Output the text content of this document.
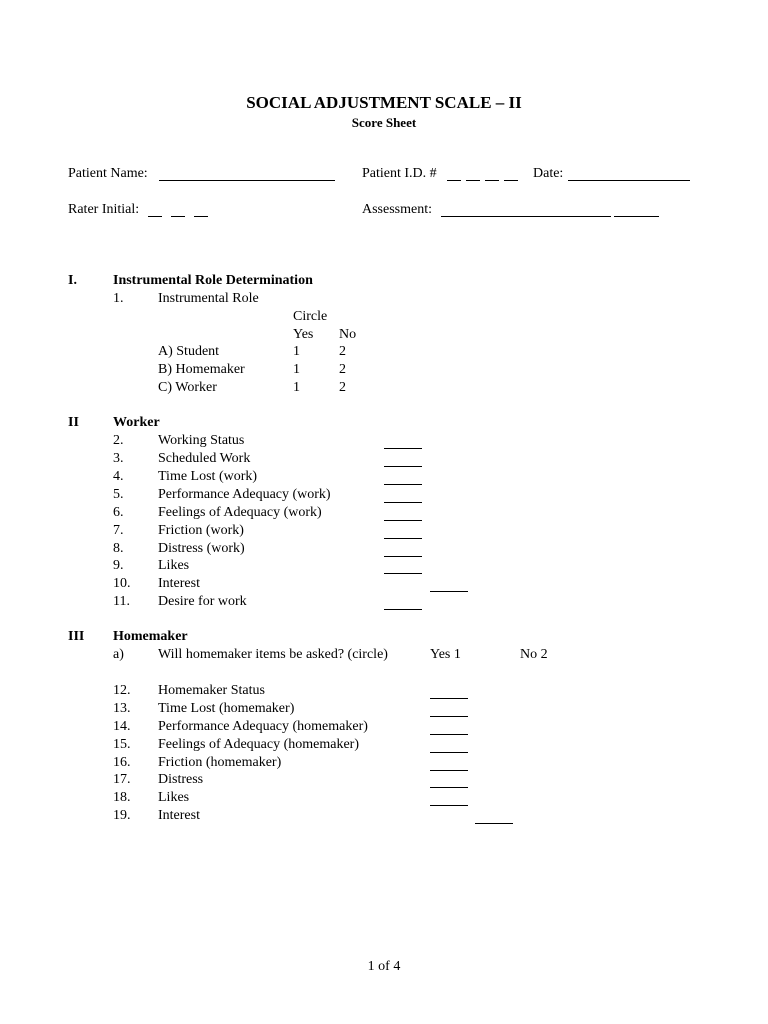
SOCIAL ADJUSTMENT SCALE – II
Score Sheet
Patient Name:	Patient I.D. #	Date:
Rater Initial:	Assessment:
I.	Instrumental Role Determination
1. Instrumental Role
Circle
Yes No
A) Student	1	2
B) Homemaker	1	2
C) Worker	1	2
II Worker
2. Working Status
3. Scheduled Work
4. Time Lost (work)
5. Performance Adequacy (work)
6. Feelings of Adequacy (work)
7. Friction (work)
8. Distress (work)
9. Likes
10. Interest
11. Desire for work
III Homemaker
a) Will homemaker items be asked? (circle)	Yes 1	No 2
12. Homemaker Status
13. Time Lost (homemaker)
14. Performance Adequacy (homemaker)
15. Feelings of Adequacy (homemaker)
16. Friction (homemaker)
17. Distress
18. Likes
19. Interest
1 of 4
